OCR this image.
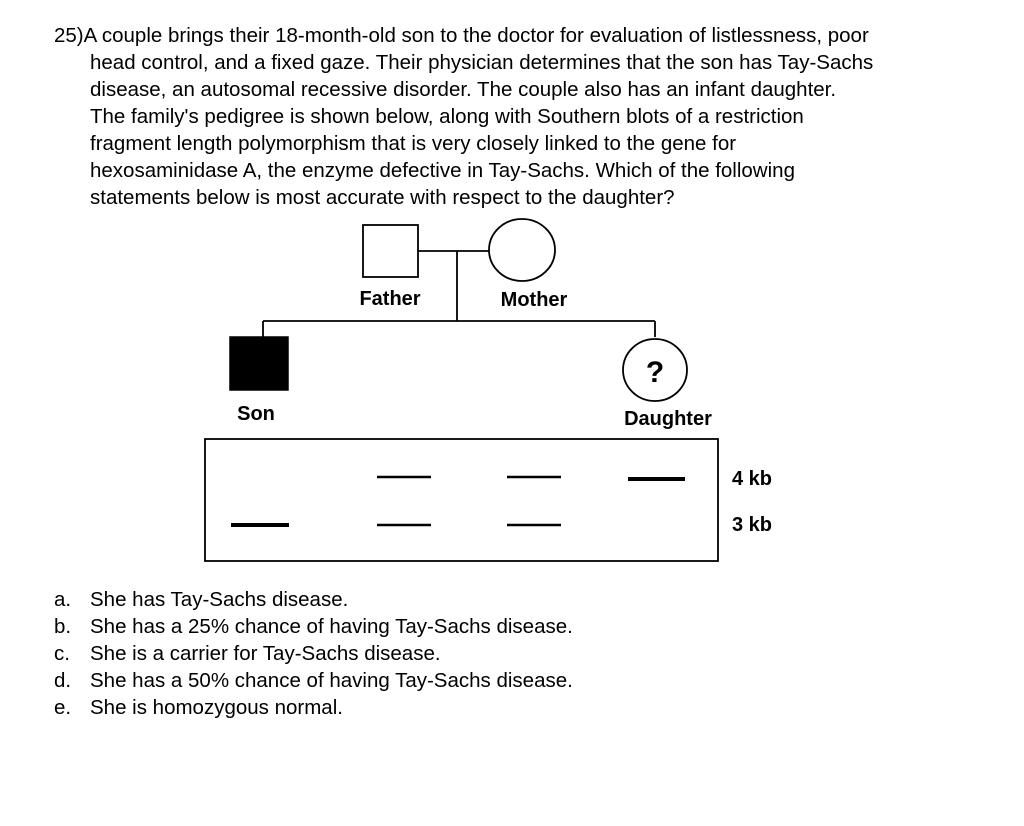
25)A couple brings their 18-month-old son to the doctor for evaluation of listlessness, poor
head control, and a fixed gaze. Their physician determines that the son has Tay-Sachs
disease, an autosomal recessive disorder. The couple also has an infant daughter.
The family's pedigree is shown below, along with Southern blots of a restriction
fragment length polymorphism that is very closely linked to the gene for
hexosaminidase A, the enzyme defective in Tay-Sachs. Which of the following
statements below is most accurate with respect to the daughter?
?
Father	Mother
Son	Daughter
4 kb
3 kb
a. She has Tay-Sachs disease.
b. She has a 25% chance of having Tay-Sachs disease.
c. She is a carrier for Tay-Sachs disease.
d. She has a 50% chance of having Tay-Sachs disease.
e. She is homozygous normal.
